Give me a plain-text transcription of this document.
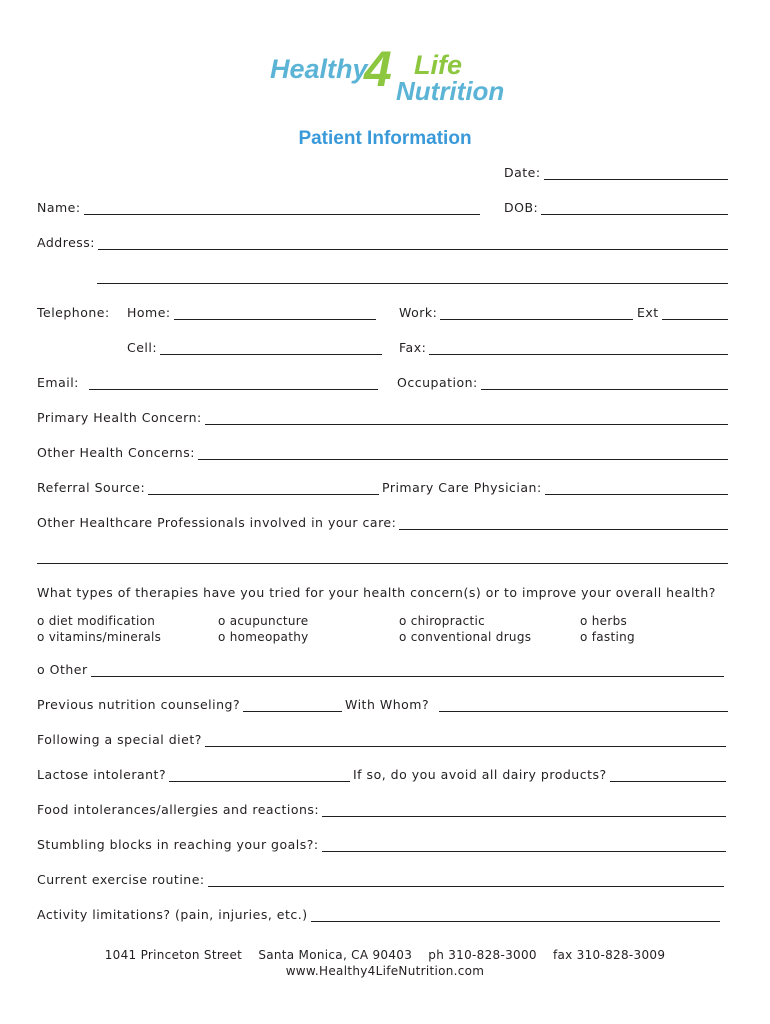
Healthy
4 Life
Nutrition
Patient Information
Date:
Name:	DOB:
Address:
Telephone: Home:	Work:	Ext
Cell:	Fax:
Email:	Occupation:
Primary Health Concern:
Other Health Concerns:
Referral Source:	Primary Care Physician:
Other Healthcare Professionals involved in your care:
What types of therapies have you tried for your health concern(s) or to improve your overall health?
o diet modification	o acupuncture	o chiropractic	o herbs
o vitamins/minerals	o homeopathy	o conventional drugs	o fasting
o Other
Previous nutrition counseling?	With Whom?
Following a special diet?
Lactose intolerant?	If so, do you avoid all dairy products?
Food intolerances/allergies and reactions:
Stumbling blocks in reaching your goals?:
Current exercise routine:
Activity limitations? (pain, injuries, etc.)
1041 Princeton Street Santa Monica, CA 90403 ph 310-828-3000 fax 310-828-3009
www.Healthy4LifeNutrition.com
